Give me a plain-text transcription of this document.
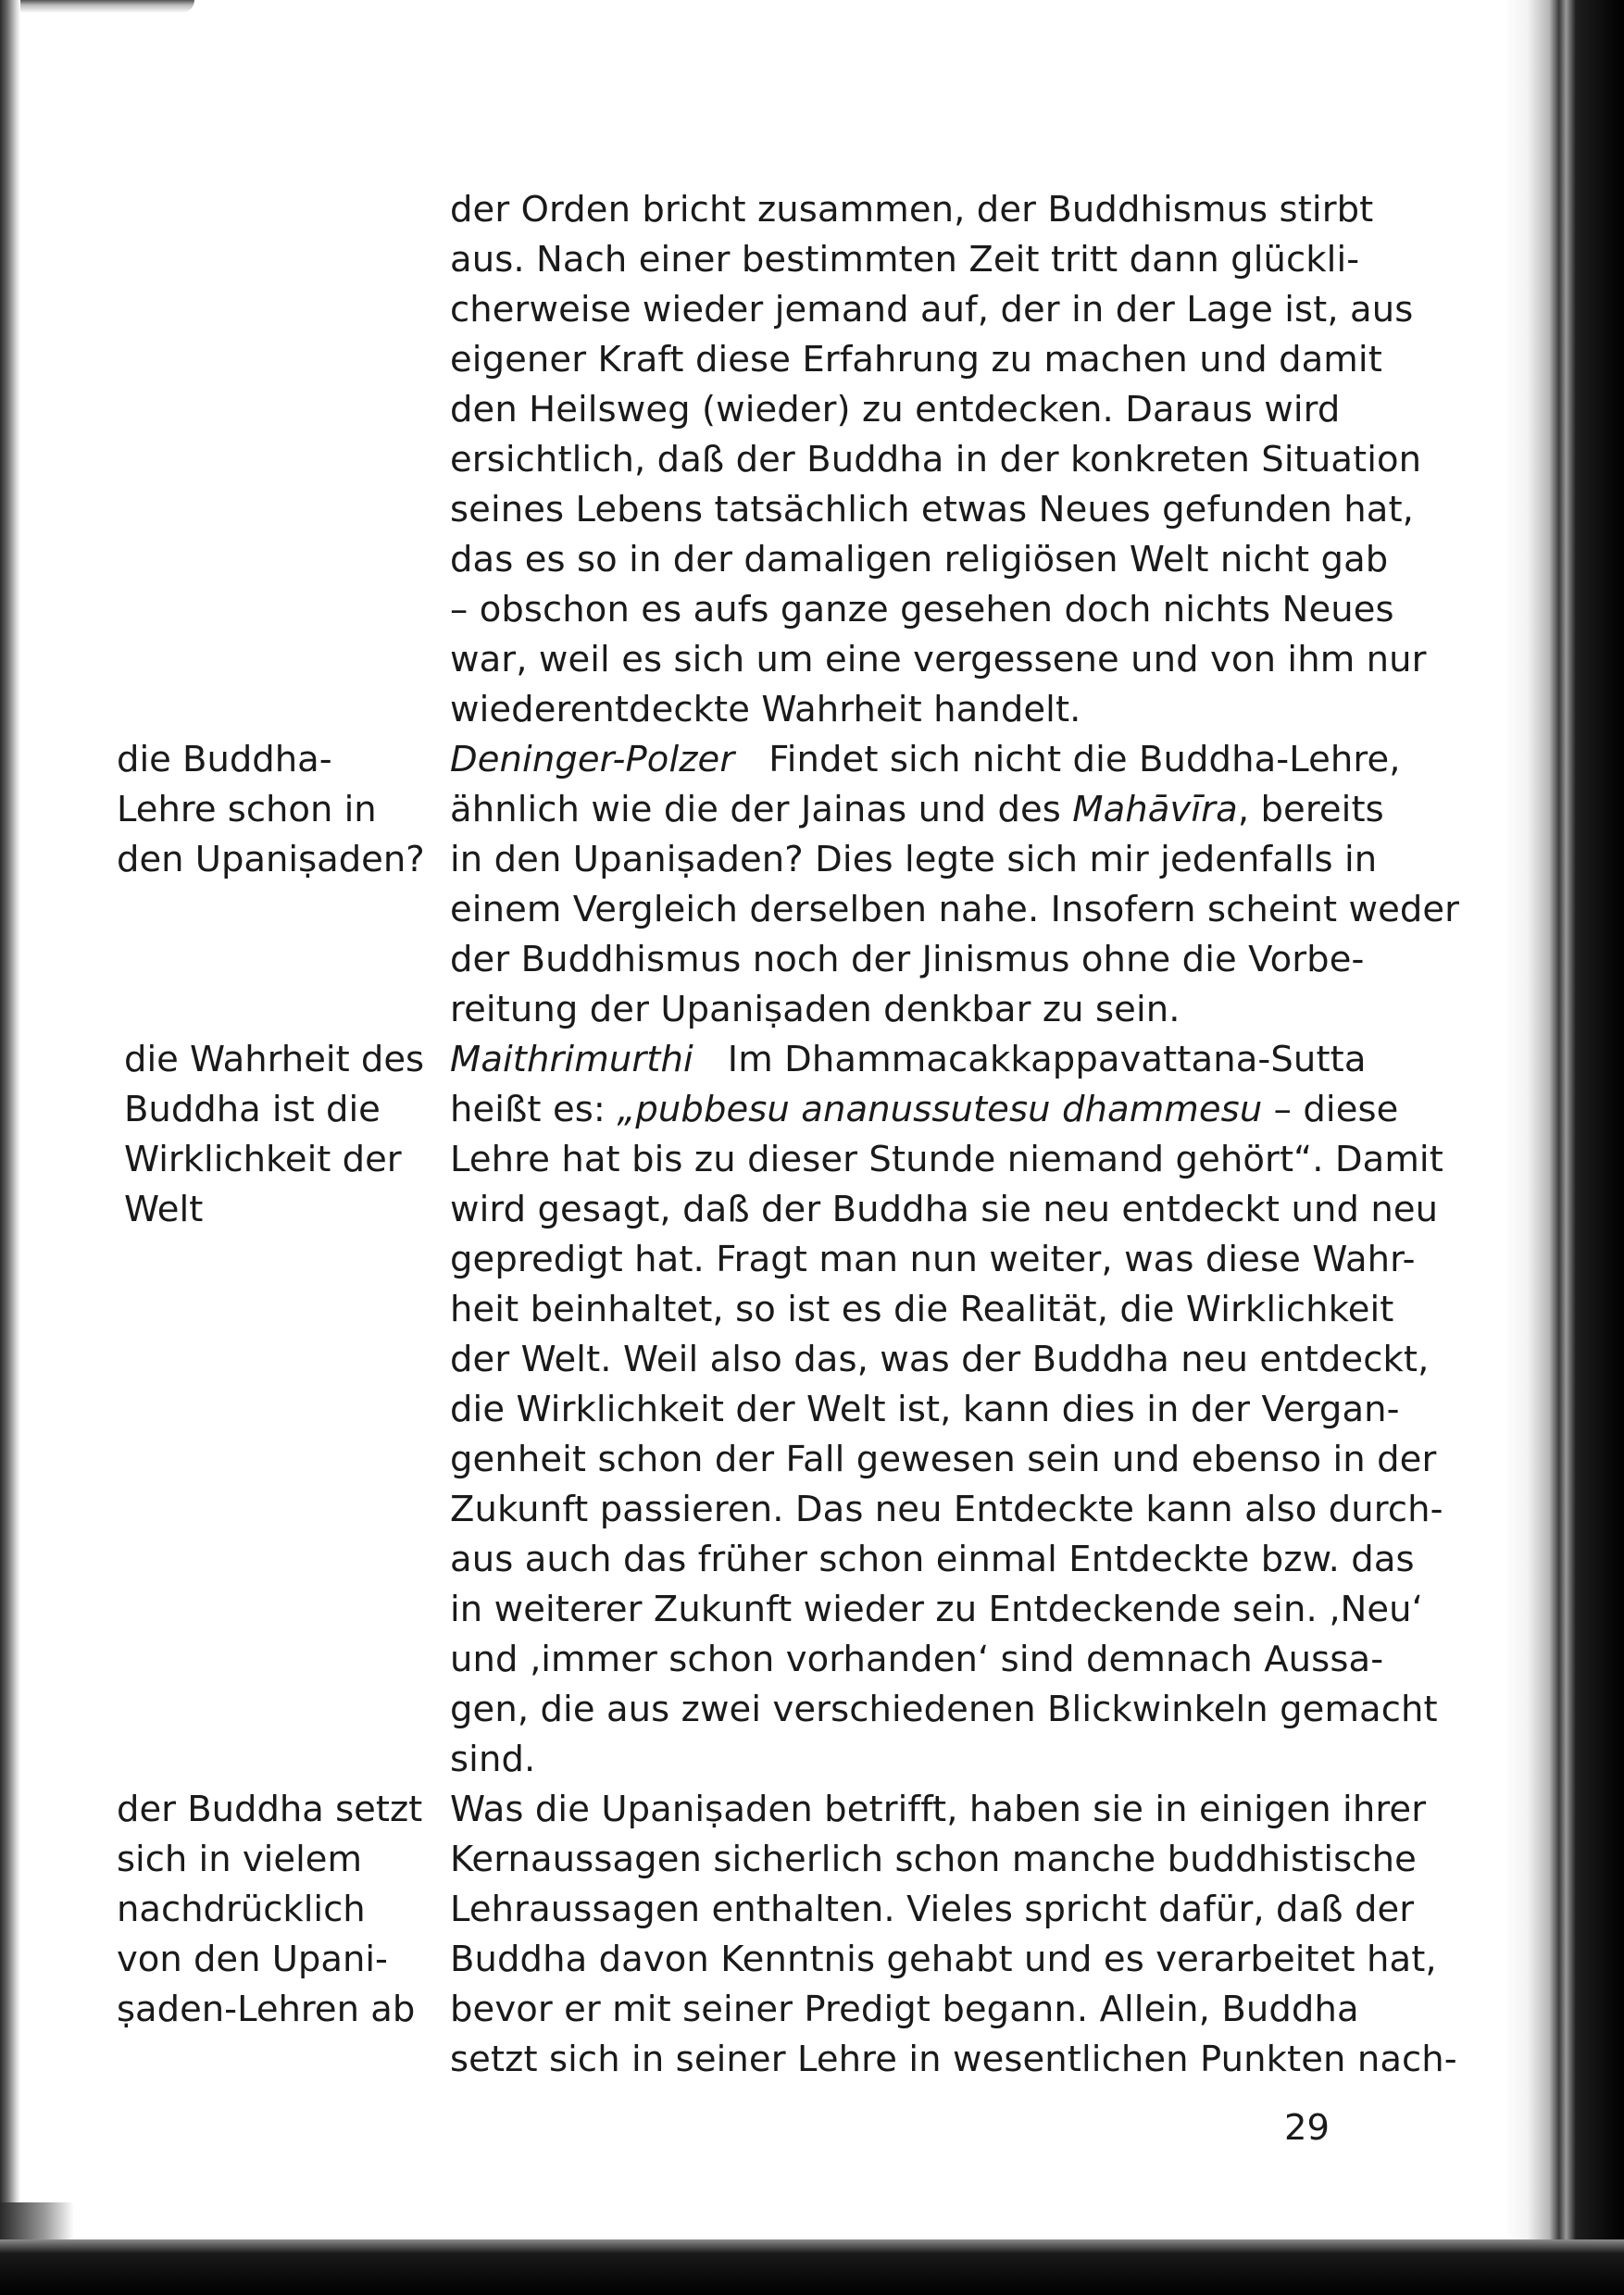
der Orden bricht zusammen, der Buddhismus stirbt
aus. Nach einer bestimmten Zeit tritt dann glückli-
cherweise wieder jemand auf, der in der Lage ist, aus
eigener Kraft diese Erfahrung zu machen und damit
den Heilsweg (wieder) zu entdecken. Daraus wird
ersichtlich, daß der Buddha in der konkreten Situation
seines Lebens tatsächlich etwas Neues gefunden hat,
das es so in der damaligen religiösen Welt nicht gab
– obschon es aufs ganze gesehen doch nichts Neues
war, weil es sich um eine vergessene und von ihm nur
wiederentdeckte Wahrheit handelt.
Deninger-Polzer Findet sich nicht die Buddha-Lehre,
ähnlich wie die der Jainas und des Mahāvīra, bereits
in den Upaniṣaden? Dies legte sich mir jedenfalls in
einem Vergleich derselben nahe. Insofern scheint weder
der Buddhismus noch der Jinismus ohne die Vorbe-
reitung der Upaniṣaden denkbar zu sein.
Maithrimurthi Im Dhammacakkappavattana-Sutta
heißt es: „pubbesu ananussutesu dhammesu – diese
Lehre hat bis zu dieser Stunde niemand gehört“. Damit
wird gesagt, daß der Buddha sie neu entdeckt und neu
gepredigt hat. Fragt man nun weiter, was diese Wahr-
heit beinhaltet, so ist es die Realität, die Wirklichkeit
der Welt. Weil also das, was der Buddha neu entdeckt,
die Wirklichkeit der Welt ist, kann dies in der Vergan-
genheit schon der Fall gewesen sein und ebenso in der
Zukunft passieren. Das neu Entdeckte kann also durch-
aus auch das früher schon einmal Entdeckte bzw. das
in weiterer Zukunft wieder zu Entdeckende sein. ‚Neu‘
und ‚immer schon vorhanden‘ sind demnach Aussa-
gen, die aus zwei verschiedenen Blickwinkeln gemacht
sind.
Was die Upaniṣaden betrifft, haben sie in einigen ihrer
Kernaussagen sicherlich schon manche buddhistische
Lehraussagen enthalten. Vieles spricht dafür, daß der
Buddha davon Kenntnis gehabt und es verarbeitet hat,
bevor er mit seiner Predigt begann. Allein, Buddha
setzt sich in seiner Lehre in wesentlichen Punkten nach-
die Buddha-
Lehre schon in
den Upaniṣaden?
die Wahrheit des
Buddha ist die
Wirklichkeit der
Welt
der Buddha setzt
sich in vielem
nachdrücklich
von den Upani-
ṣaden-Lehren ab
29
